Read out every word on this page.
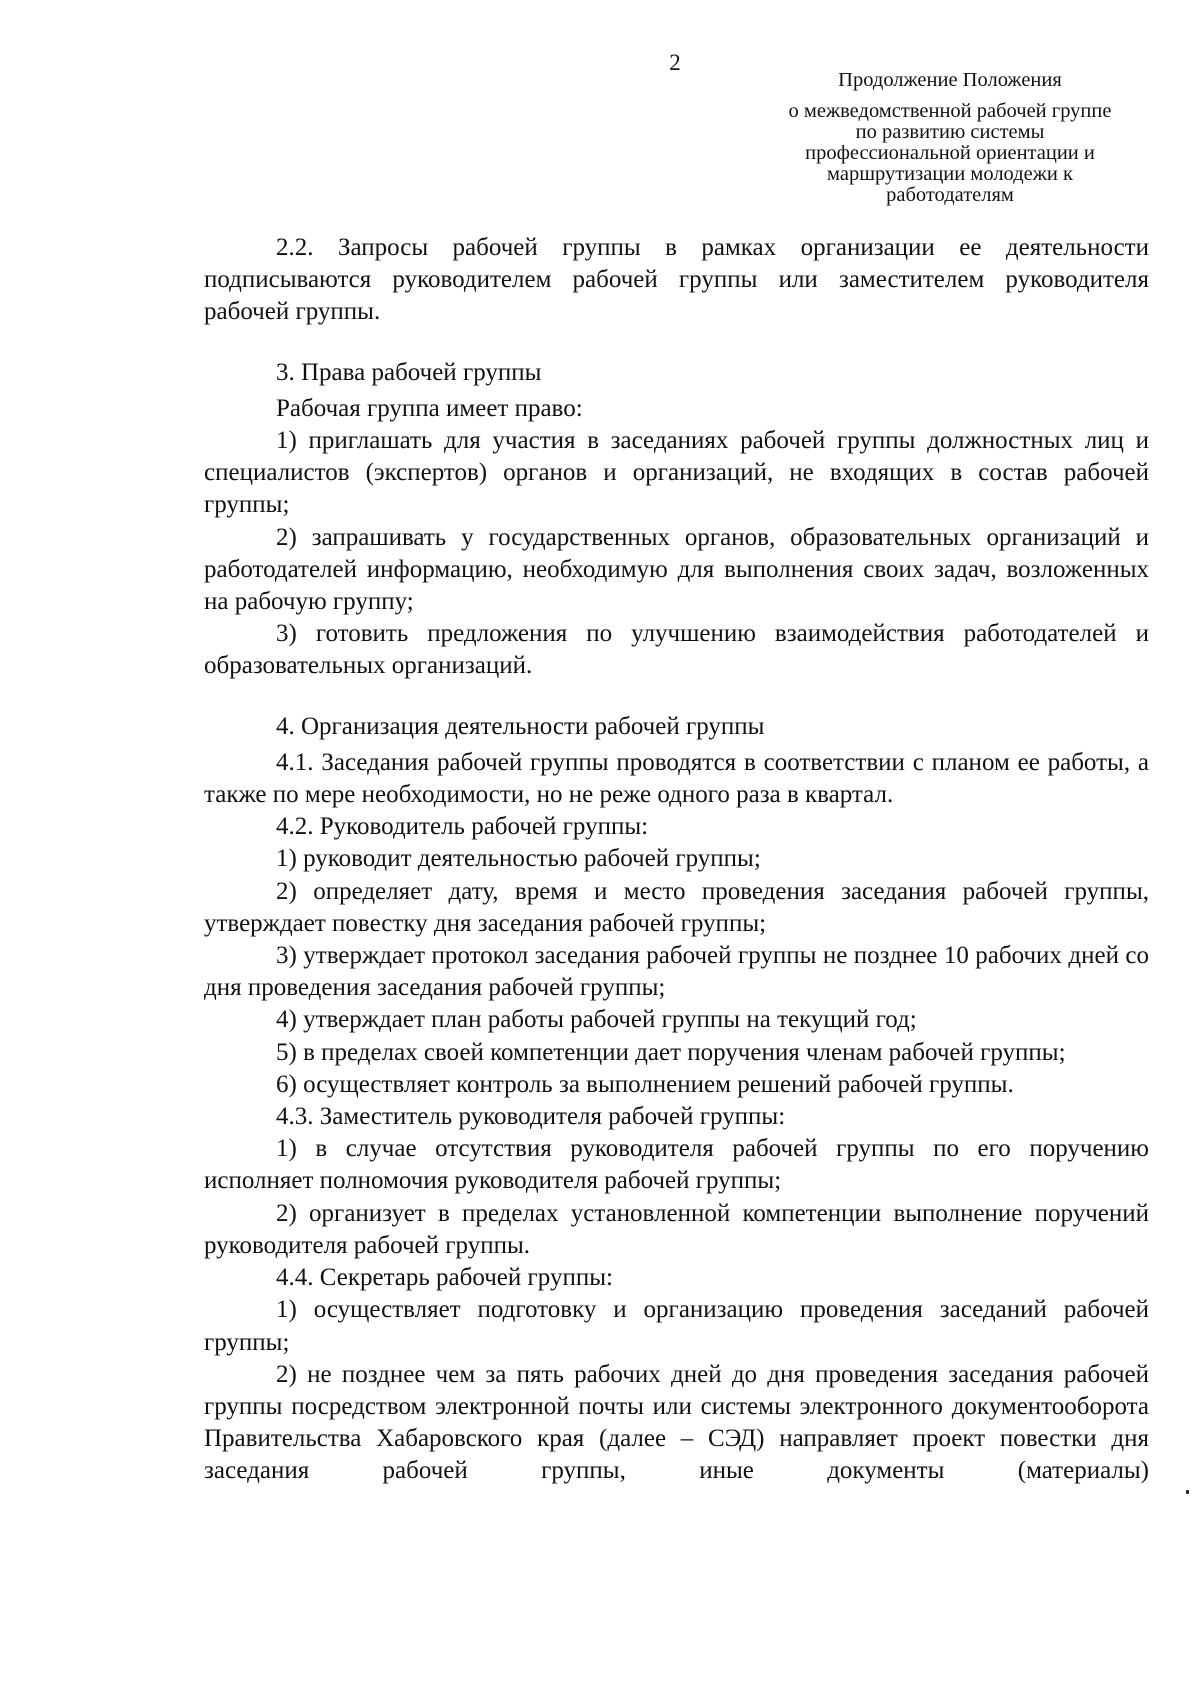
2
Продолжение Положения
о межведомственной рабочей группе
по развитию системы
профессиональной ориентации и
маршрутизации молодежи к
работодателям

2.2. Запросы рабочей группы в рамках организации ее деятельности подписываются руководителем рабочей группы или заместителем руководителя рабочей группы.

3. Права рабочей группы

Рабочая группа имеет право:

1) приглашать для участия в заседаниях рабочей группы должностных лиц и специалистов (экспертов) органов и организаций, не входящих в состав рабочей группы;

2) запрашивать у государственных органов, образовательных организаций и работодателей информацию, необходимую для выполнения своих задач, возложенных на рабочую группу;

3) готовить предложения по улучшению взаимодействия работодателей и образовательных организаций.

4. Организация деятельности рабочей группы

4.1. Заседания рабочей группы проводятся в соответствии с планом ее работы, а также по мере необходимости, но не реже одного раза в квартал.

4.2. Руководитель рабочей группы:

1) руководит деятельностью рабочей группы;

2) определяет дату, время и место проведения заседания рабочей группы, утверждает повестку дня заседания рабочей группы;

3) утверждает протокол заседания рабочей группы не позднее 10 рабочих дней со дня проведения заседания рабочей группы;

4) утверждает план работы рабочей группы на текущий год;

5) в пределах своей компетенции дает поручения членам рабочей группы;

6) осуществляет контроль за выполнением решений рабочей группы.

4.3. Заместитель руководителя рабочей группы:

1) в случае отсутствия руководителя рабочей группы по его поручению исполняет полномочия руководителя рабочей группы;

2) организует в пределах установленной компетенции выполнение поручений руководителя рабочей группы.

4.4. Секретарь рабочей группы:

1) осуществляет подготовку и организацию проведения заседаний рабочей группы;

2) не позднее чем за пять рабочих дней до дня проведения заседания рабочей группы посредством электронной почты или системы электронного документооборота Правительства Хабаровского края (далее – СЭД) направляет проект повестки дня заседания рабочей группы, иные документы (материалы)
